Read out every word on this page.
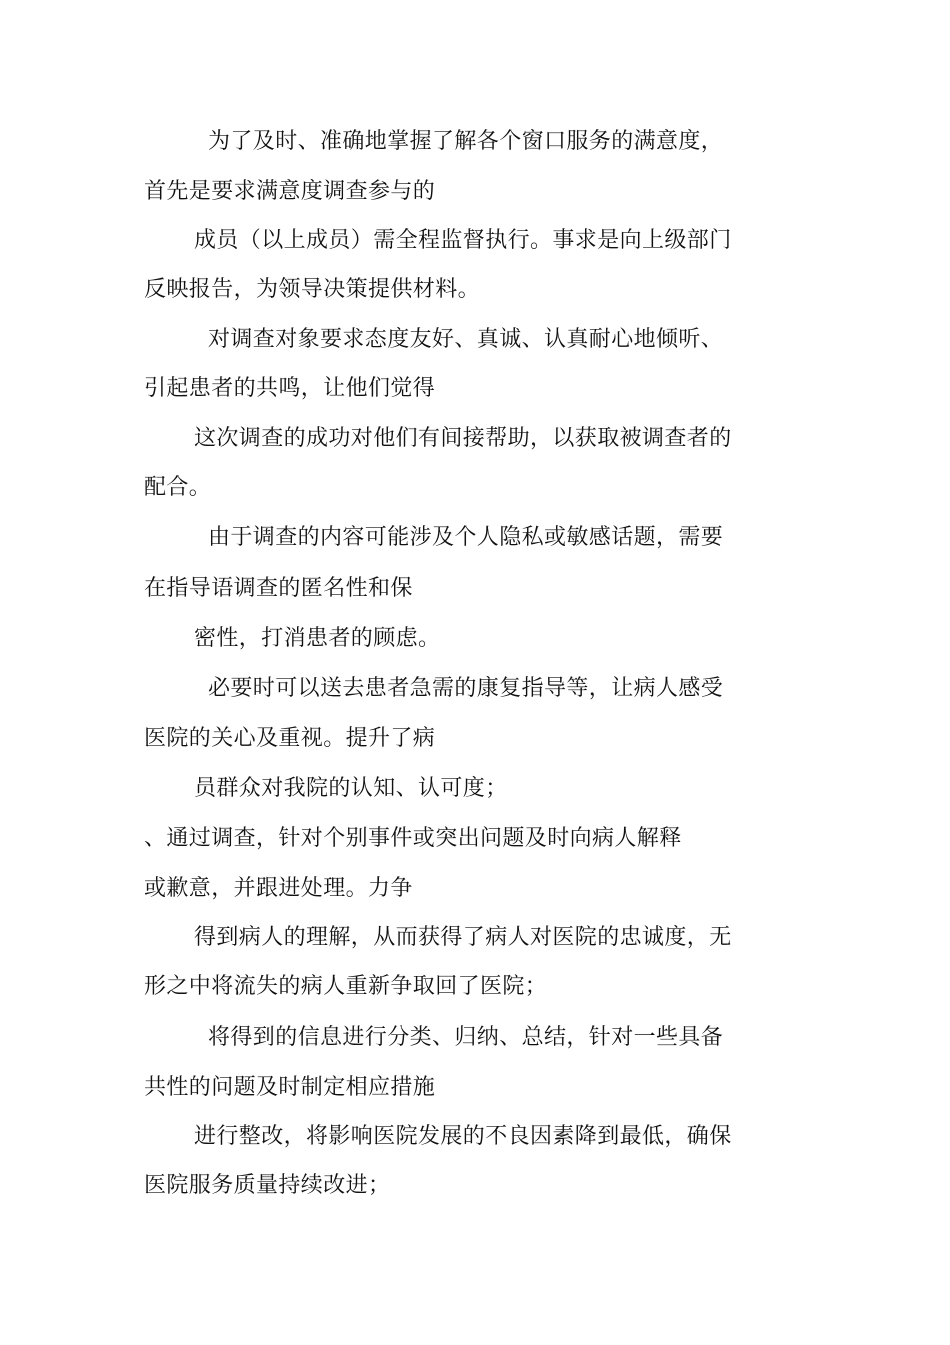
为了及时、准确地掌握了解各个窗口服务的满意度，
首先是要求满意度调查参与的
成员（以上成员）需全程监督执行。事求是向上级部门
反映报告，为领导决策提供材料。
对调查对象要求态度友好、真诚、认真耐心地倾听、
引起患者的共鸣，让他们觉得
这次调查的成功对他们有间接帮助，以获取被调查者的
配合。
由于调查的内容可能涉及个人隐私或敏感话题，需要
在指导语调查的匿名性和保
密性，打消患者的顾虑。
必要时可以送去患者急需的康复指导等，让病人感受
医院的关心及重视。提升了病
员群众对我院的认知、认可度；
、通过调查，针对个别事件或突出问题及时向病人解释
或歉意，并跟进处理。力争
得到病人的理解，从而获得了病人对医院的忠诚度，无
形之中将流失的病人重新争取回了医院；
将得到的信息进行分类、归纳、总结，针对一些具备
共性的问题及时制定相应措施
进行整改，将影响医院发展的不良因素降到最低，确保
医院服务质量持续改进；
